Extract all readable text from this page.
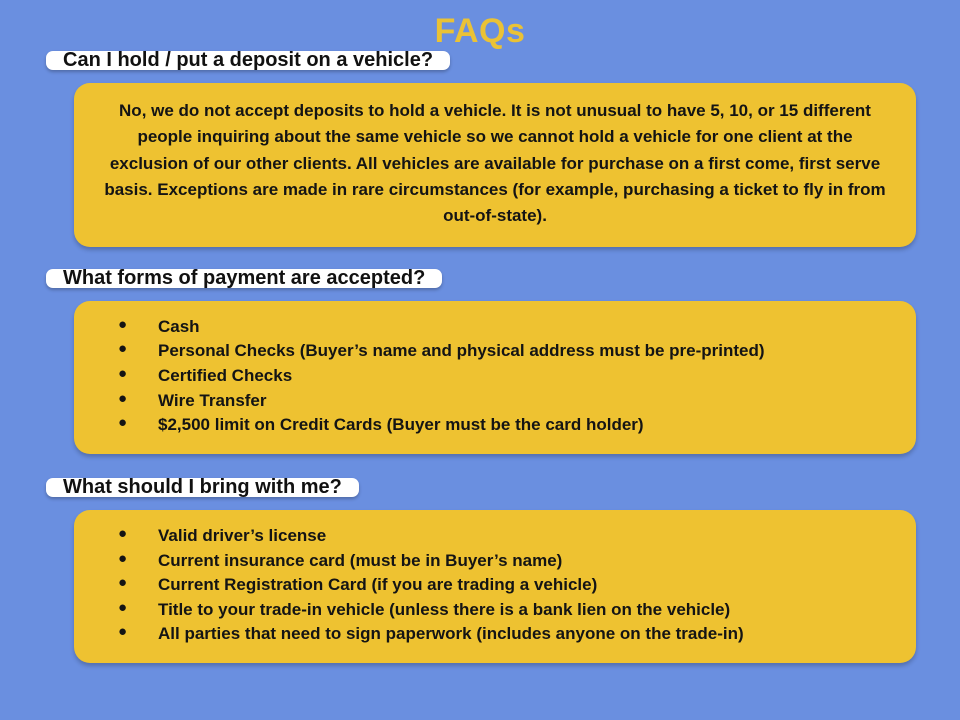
FAQs
Can I hold / put a deposit on a vehicle?
No, we do not accept deposits to hold a vehicle. It is not unusual to have 5, 10, or 15 different people inquiring about the same vehicle so we cannot hold a vehicle for one client at the exclusion of our other clients. All vehicles are available for purchase on a first come, first serve basis. Exceptions are made in rare circumstances (for example, purchasing a ticket to fly in from out-of-state).
What forms of payment are accepted?
● Cash
● Personal Checks (Buyer’s name and physical address must be pre-printed)
● Certified Checks
● Wire Transfer
● $2,500 limit on Credit Cards (Buyer must be the card holder)
What should I bring with me?
● Valid driver’s license
● Current insurance card (must be in Buyer’s name)
● Current Registration Card (if you are trading a vehicle)
● Title to your trade-in vehicle (unless there is a bank lien on the vehicle)
● All parties that need to sign paperwork (includes anyone on the trade-in)
